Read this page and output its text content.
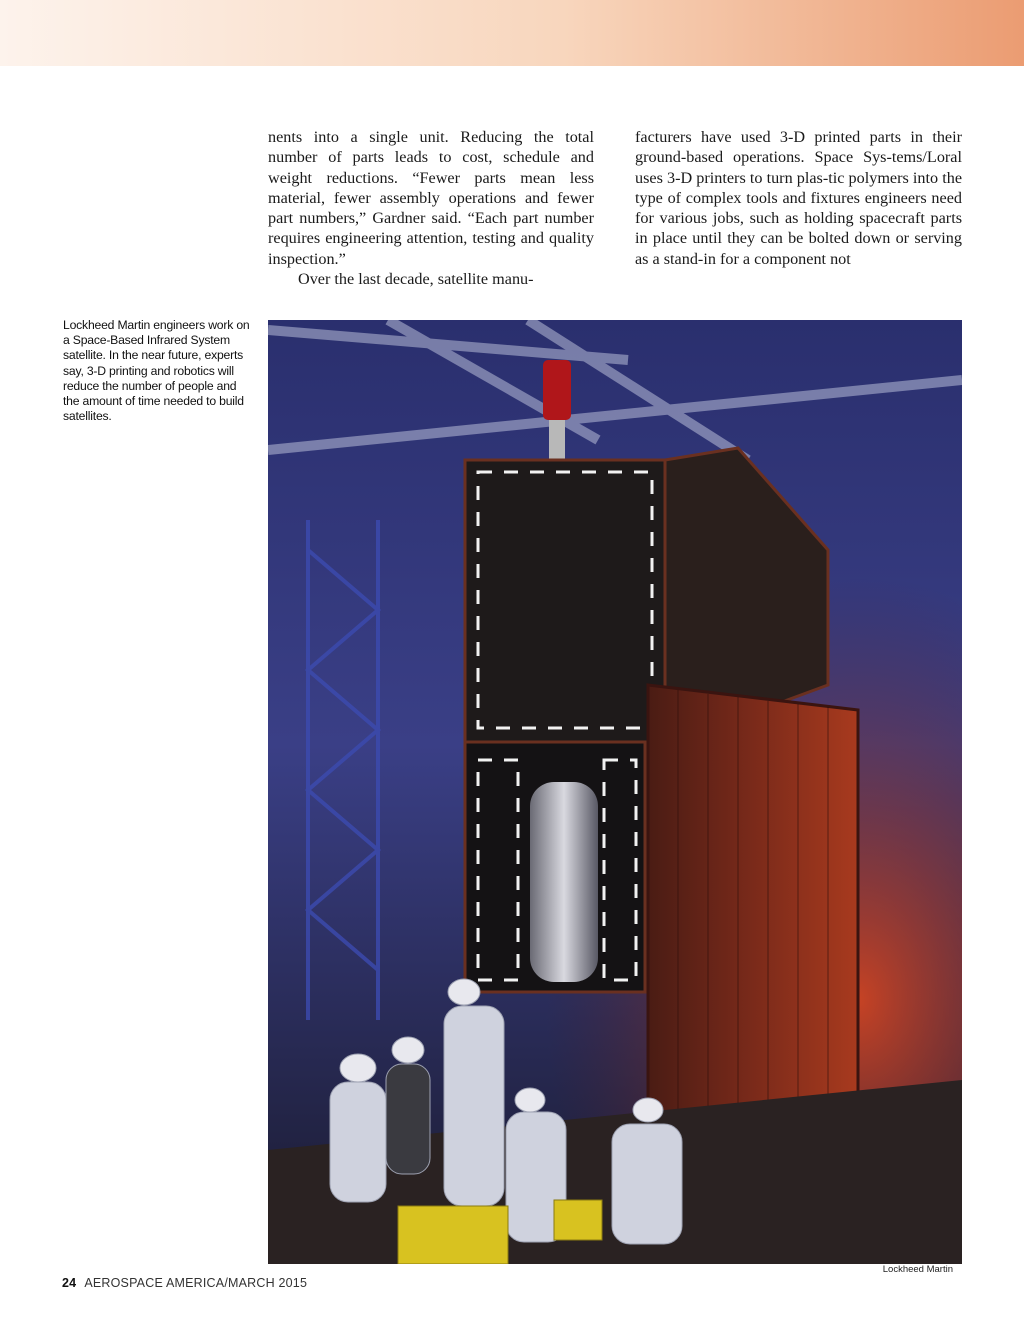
nents into a single unit. Reducing the total number of parts leads to cost, schedule and weight reductions. “Fewer parts mean less material, fewer assembly operations and fewer part numbers,” Gardner said. “Each part number requires engineering attention, testing and quality inspection.”

Over the last decade, satellite manu-

facturers have used 3-D printed parts in their ground-based operations. Space Sys-tems/Loral uses 3-D printers to turn plas-tic polymers into the type of complex tools and fixtures engineers need for various jobs, such as holding spacecraft parts in place until they can be bolted down or serving as a stand-in for a component not

Lockheed Martin engineers work on a Space-Based Infrared System satellite. In the near future, experts say, 3-D printing and robotics will reduce the number of people and the amount of time needed to build satellites.
Lockheed Martin
24 AEROSPACE AMERICA/MARCH 2015
